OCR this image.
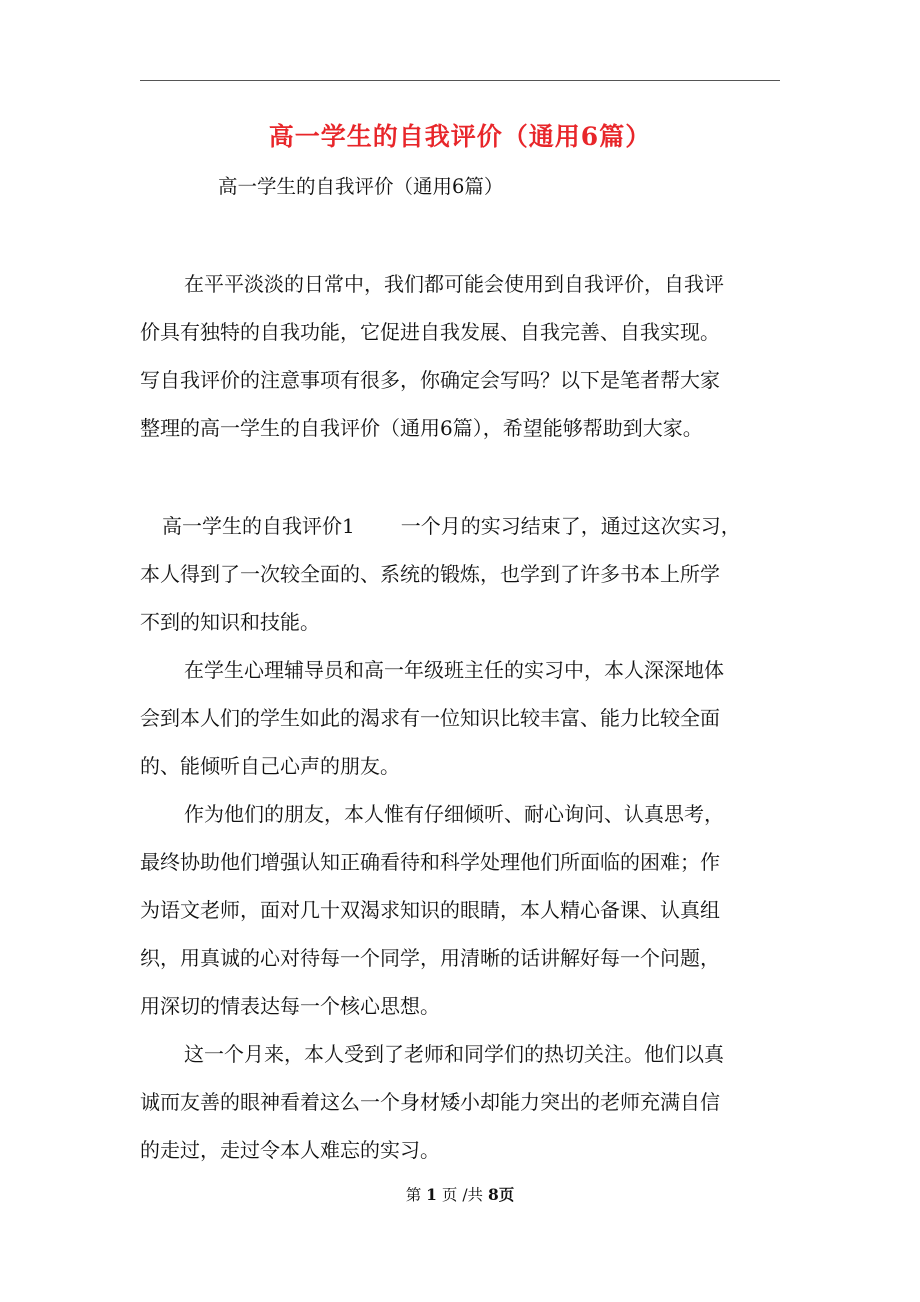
高一学生的自我评价（通用6篇）
高一学生的自我评价（通用6篇）
在平平淡淡的日常中，我们都可能会使用到自我评价，自我评
价具有独特的自我功能，它促进自我发展、自我完善、自我实现。
写自我评价的注意事项有很多，你确定会写吗？以下是笔者帮大家
整理的高一学生的自我评价（通用6篇），希望能够帮助到大家。
高一学生的自我评价1 一个月的实习结束了，通过这次实习，
本人得到了一次较全面的、系统的锻炼，也学到了许多书本上所学
不到的知识和技能。
在学生心理辅导员和高一年级班主任的实习中，本人深深地体
会到本人们的学生如此的渴求有一位知识比较丰富、能力比较全面
的、能倾听自己心声的朋友。
作为他们的朋友，本人惟有仔细倾听、耐心询问、认真思考，
最终协助他们增强认知正确看待和科学处理他们所面临的困难；作
为语文老师，面对几十双渴求知识的眼睛，本人精心备课、认真组
织，用真诚的心对待每一个同学，用清晰的话讲解好每一个问题，
用深切的情表达每一个核心思想。
这一个月来，本人受到了老师和同学们的热切关注。他们以真
诚而友善的眼神看着这么一个身材矮小却能力突出的老师充满自信
的走过，走过令本人难忘的实习。
第 1 页 /共 8页
